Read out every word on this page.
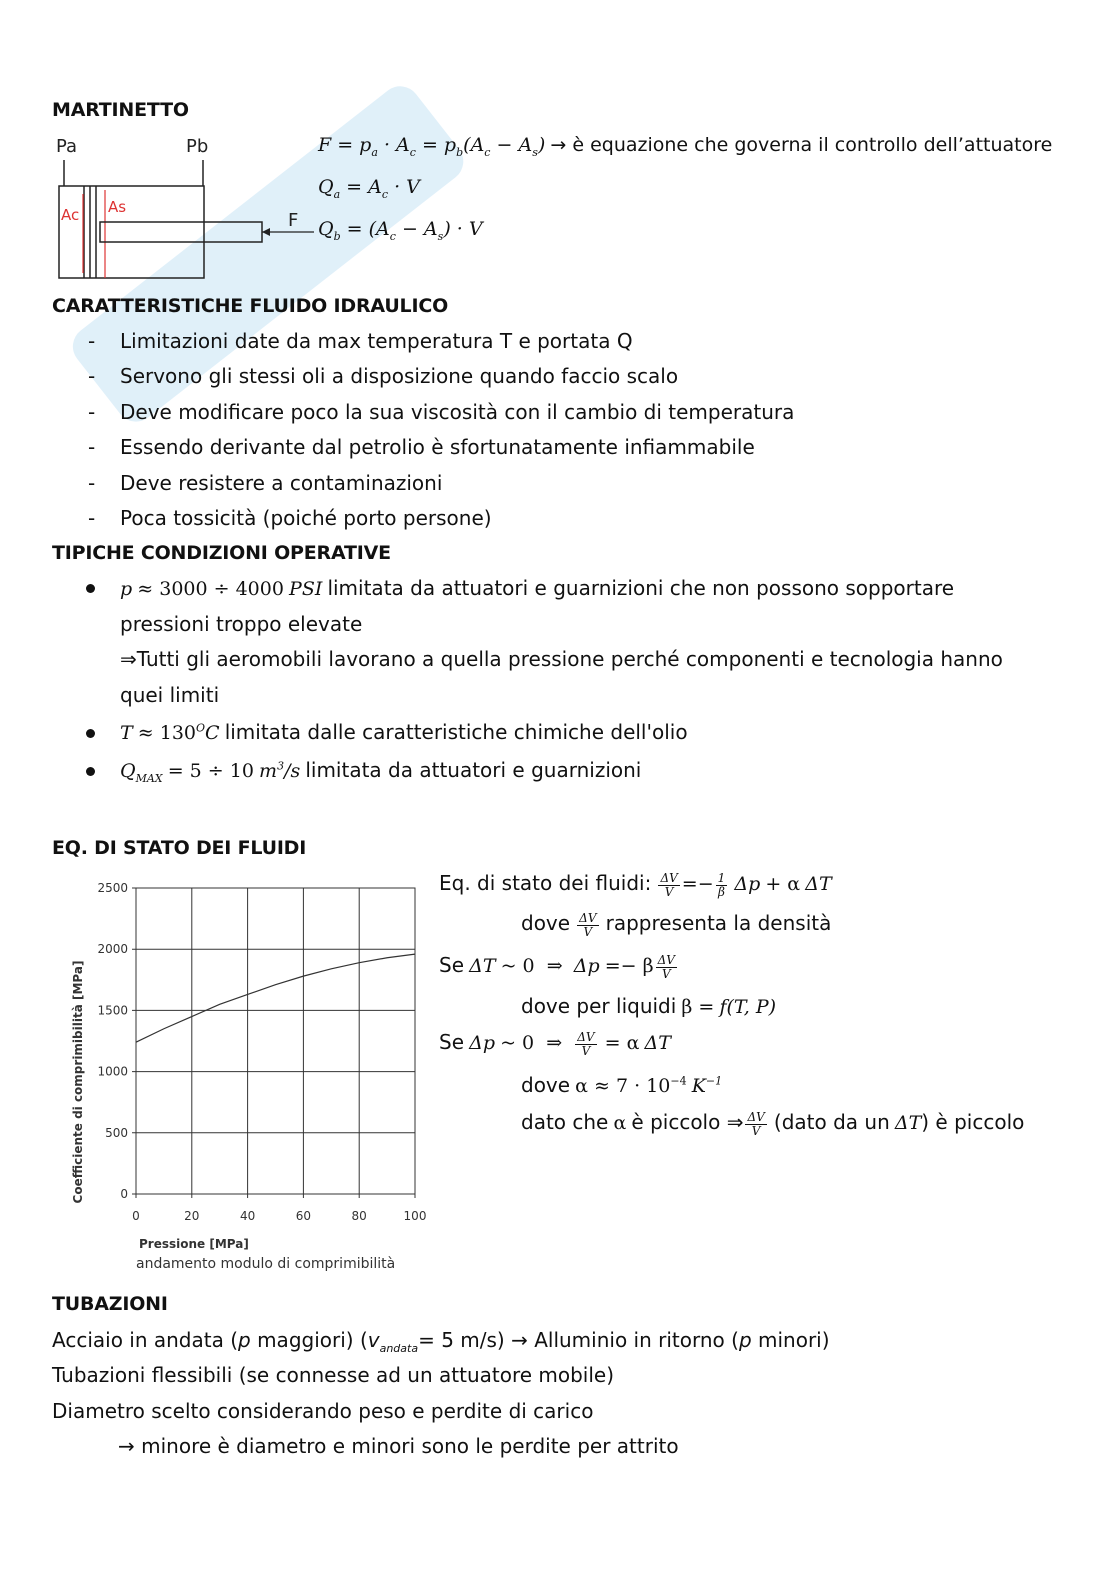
MARTINETTO
Pa	Pb
Ac As
F
$F = p_a \cdot A_c = p_b(A_c - A_s)$ → è equazione che governa il controllo dell’attuatore
$Q_a = A_c \cdot V$
$Q_b = (A_c - A_s) \cdot V$
CARATTERISTICHE FLUIDO IDRAULICO
- Limitazioni date da max temperatura T e portata Q
- Servono gli stessi oli a disposizione quando faccio scalo
- Deve modificare poco la sua viscosità con il cambio di temperatura
- Essendo derivante dal petrolio è sfortunatamente infiammabile
- Deve resistere a contaminazioni
- Poca tossicità (poiché porto persone)
TIPICHE CONDIZIONI OPERATIVE
p ≈ 3000 ÷ 4000 PSI limitata da attuatori e guarnizioni che non possono sopportare
pressioni troppo elevate
⇒Tutti gli aeromobili lavorano a quella pressione perché componenti e tecnologia hanno
quei limiti
$T \approx 130^OC$ limitata dalle caratteristiche chimiche dell'olio
$Q_{MAX} = 5 \div 10$ $m^3/s$ limitata da attuatori e guarnizioni
EQ. DI STATO DEI FLUIDI
Pressione [MPa]
andamento modulo di comprimibilità
Coefficiente di comprimibilità [MPa]
0	20	40	60	80	100
0
500
1000
1500
2000
2500	Eq. di stato dei fluidi: $\frac{\Delta V}{V} =- \frac{1}{\beta}$ Δp + α ΔT
dove $\frac{\Delta V}{V}$ rappresenta la densità
Se ΔT ~ 0  ⇒  Δp =− β $\frac{\Delta V}{V}$
dove per liquidi β = f(T, P)
Se Δp ~ 0  ⇒ $\frac{\Delta V}{V} = \alpha$ ΔT
dove $\alpha \approx 7 \cdot 10^{-4}$ $K^{-1}$
dato che α è piccolo ⇒ $\frac{\Delta V}{V}$ (dato da un ΔT) è piccolo
TUBAZIONI
Acciaio in andata (p maggiori) ($v_{andata}= 5$ m/s) → Alluminio in ritorno (p minori)
Tubazioni flessibili (se connesse ad un attuatore mobile)
Diametro scelto considerando peso e perdite di carico
→ minore è diametro e minori sono le perdite per attrito
